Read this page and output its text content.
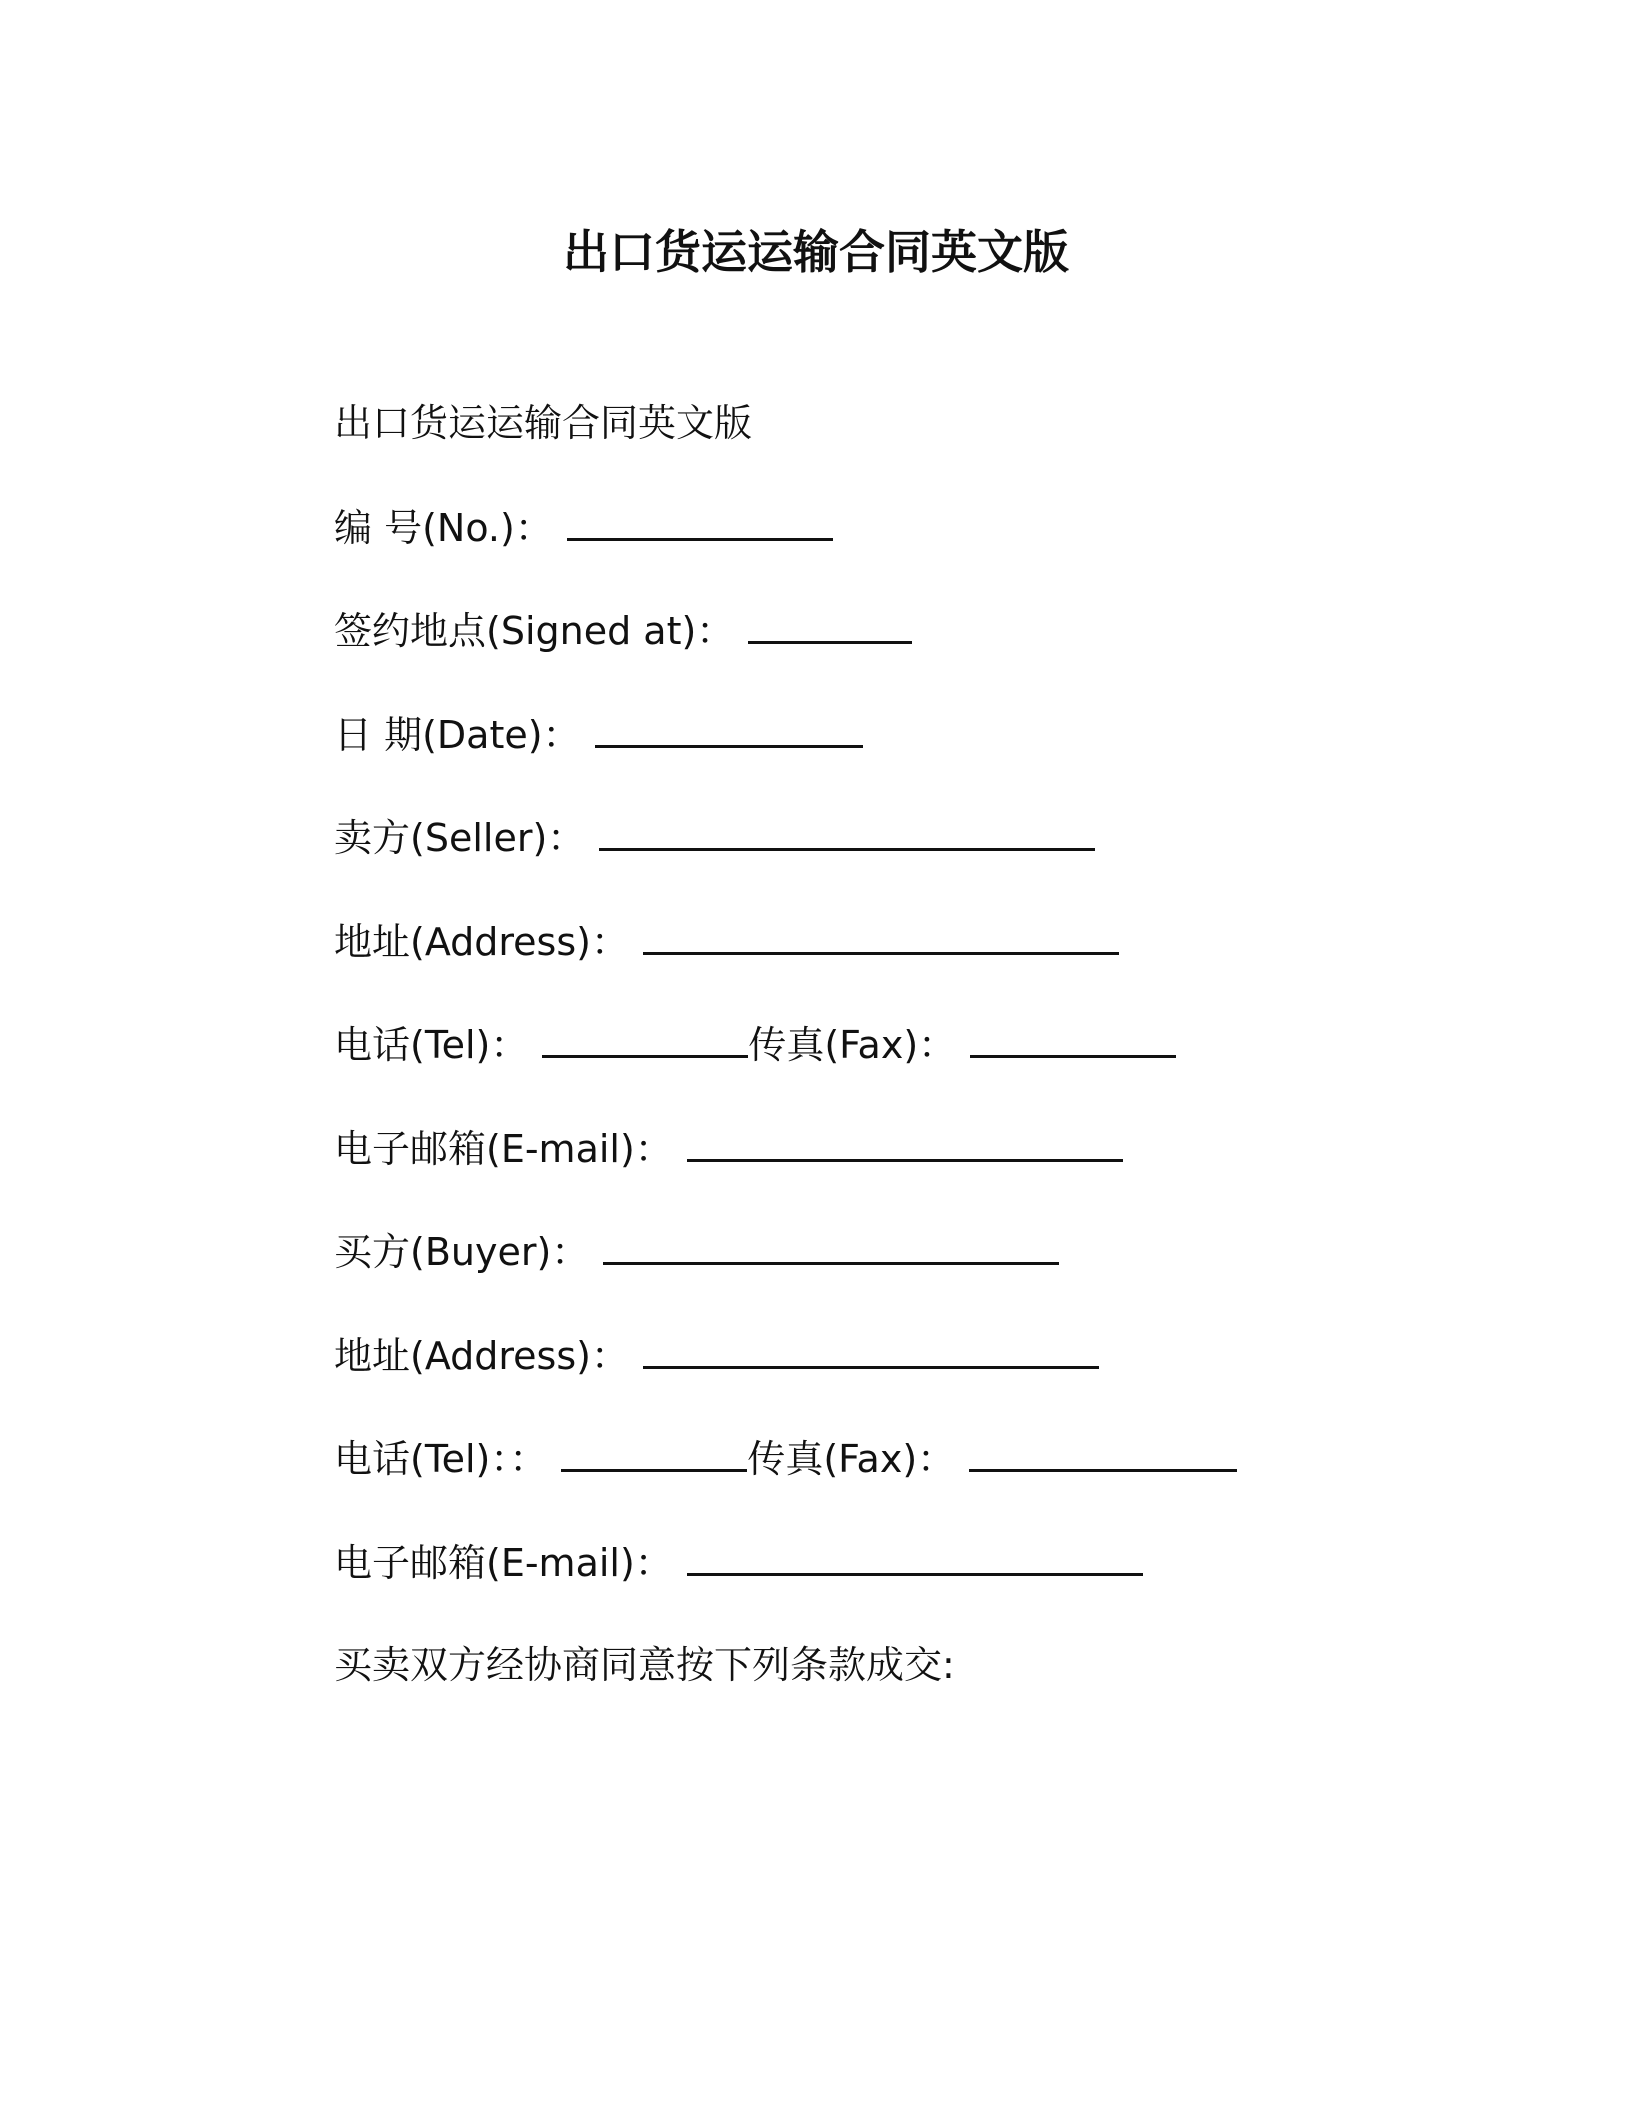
出口货运运输合同英文版
出口货运运输合同英文版
编 号(No.)：
签约地点(Signed at)：
日 期(Date)：
卖方(Seller)：
地址(Address)：
电话(Tel)：	传真(Fax)：
电子邮箱(E-mail)：
买方(Buyer)：
地址(Address)：
电话(Tel)：：	传真(Fax)：
电子邮箱(E-mail)：
买卖双方经协商同意按下列条款成交:
